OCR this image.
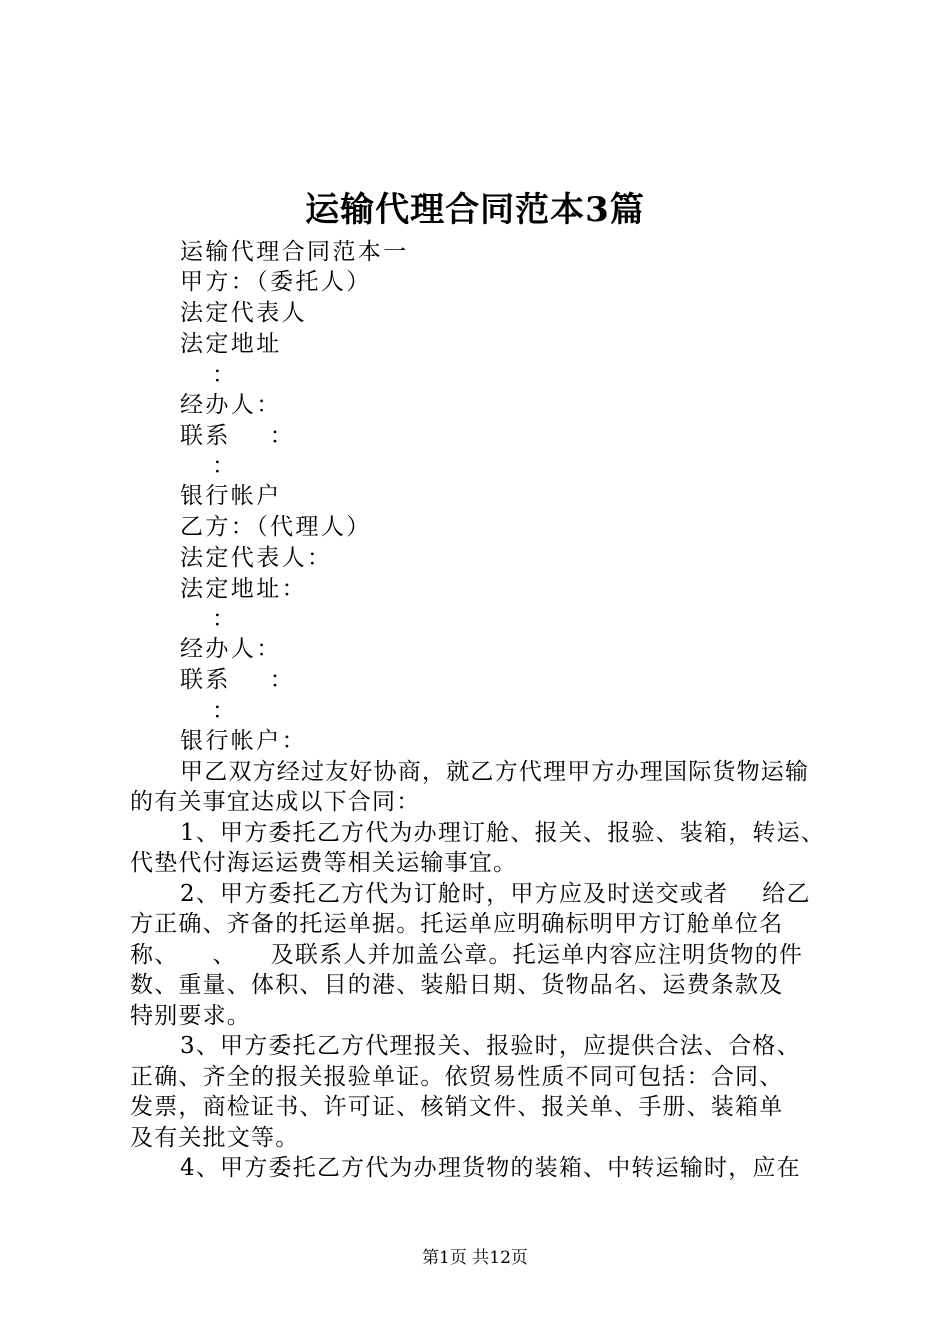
运输代理合同范本3篇
运输代理合同范本一
甲方：（委托人）
法定代表人
法定地址
：
经办人：
联系    ：
：
银行帐户
乙方：（代理人）
法定代表人：
法定地址：
：
经办人：
联系    ：
：
银行帐户：
甲乙双方经过友好协商，就乙方代理甲方办理国际货物运输
的有关事宜达成以下合同：
1、甲方委托乙方代为办理订舱、报关、报验、装箱，转运、
代垫代付海运运费等相关运输事宜。
2、甲方委托乙方代为订舱时，甲方应及时送交或者    给乙
方正确、齐备的托运单据。托运单应明确标明甲方订舱单位名
称、    、    及联系人并加盖公章。托运单内容应注明货物的件
数、重量、体积、目的港、装船日期、货物品名、运费条款及
特别要求。
3、甲方委托乙方代理报关、报验时，应提供合法、合格、
正确、齐全的报关报验单证。依贸易性质不同可包括：合同、
发票，商检证书、许可证、核销文件、报关单、手册、装箱单
及有关批文等。
4、甲方委托乙方代为办理货物的装箱、中转运输时，应在
第1页 共12页
